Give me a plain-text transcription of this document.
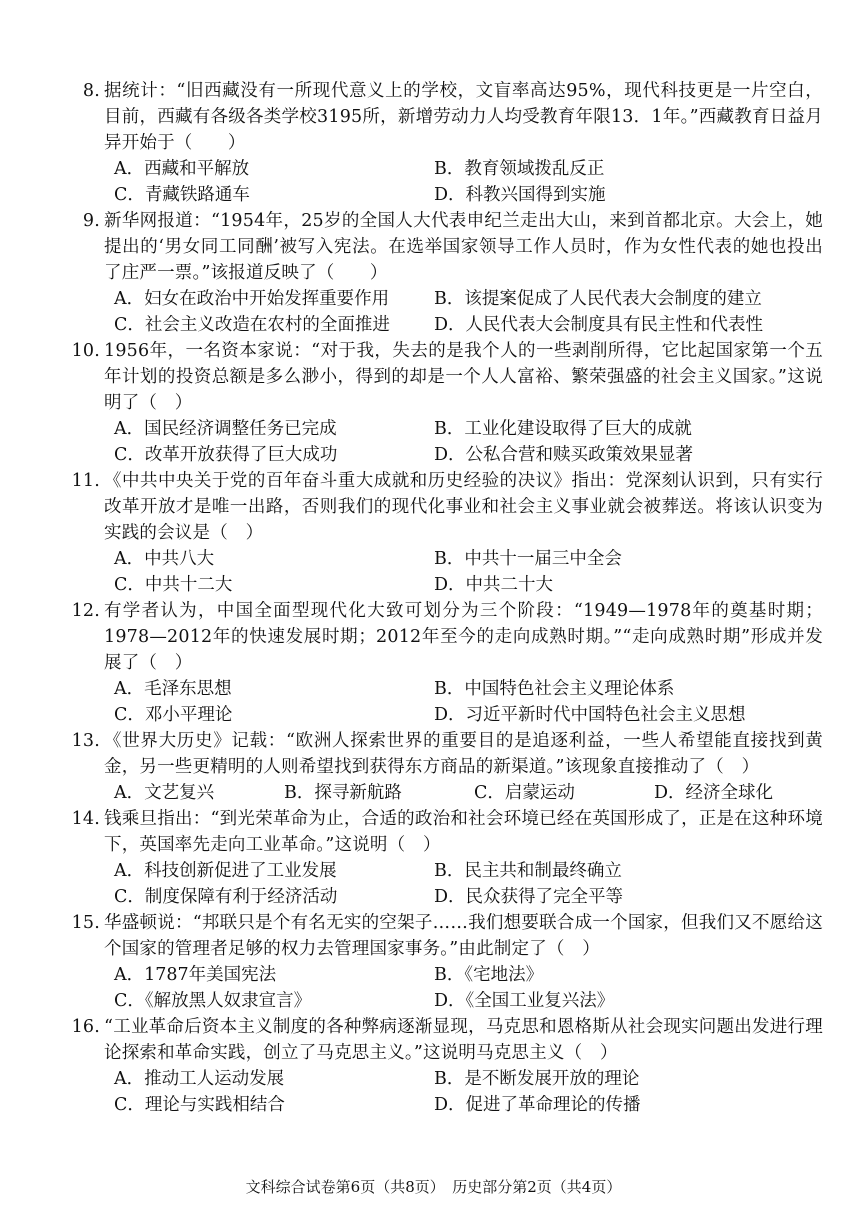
8. 据统计：“旧西藏没有一所现代意义上的学校，文盲率高达95%，现代科技更是一片空白，目前，西藏有各级各类学校3195所，新增劳动力人均受教育年限13．1年。”西藏教育日益月异开始于（　　）
A．西藏和平解放	B．教育领域拨乱反正
C．青藏铁路通车	D．科教兴国得到实施
9. 新华网报道：“1954年，25岁的全国人大代表申纪兰走出大山，来到首都北京。大会上，她提出的‘男女同工同酬’被写入宪法。在选举国家领导工作人员时，作为女性代表的她也投出了庄严一票。”该报道反映了（　　）
A．妇女在政治中开始发挥重要作用	B．该提案促成了人民代表大会制度的建立
C．社会主义改造在农村的全面推进	D．人民代表大会制度具有民主性和代表性
10. 1956年，一名资本家说：“对于我，失去的是我个人的一些剥削所得，它比起国家第一个五年计划的投资总额是多么渺小，得到的却是一个人人富裕、繁荣强盛的社会主义国家。”这说明了（　）
A．国民经济调整任务已完成	B．工业化建设取得了巨大的成就
C．改革开放获得了巨大成功	D．公私合营和赎买政策效果显著
11. 《中共中央关于党的百年奋斗重大成就和历史经验的决议》指出：党深刻认识到，只有实行改革开放才是唯一出路，否则我们的现代化事业和社会主义事业就会被葬送。将该认识变为实践的会议是（　）
A．中共八大	B．中共十一届三中全会
C．中共十二大	D．中共二十大
12. 有学者认为，中国全面型现代化大致可划分为三个阶段：“1949—1978年的奠基时期；1978—2012年的快速发展时期；2012年至今的走向成熟时期。”“走向成熟时期”形成并发展了（　）
A．毛泽东思想	B．中国特色社会主义理论体系
C．邓小平理论	D．习近平新时代中国特色社会主义思想
13. 《世界大历史》记载：“欧洲人探索世界的重要目的是追逐利益，一些人希望能直接找到黄金，另一些更精明的人则希望找到获得东方商品的新渠道。”该现象直接推动了（　）
A．文艺复兴	B．探寻新航路	C．启蒙运动	D．经济全球化
14. 钱乘旦指出：“到光荣革命为止，合适的政治和社会环境已经在英国形成了，正是在这种环境下，英国率先走向工业革命。”这说明（　）
A．科技创新促进了工业发展	B．民主共和制最终确立
C．制度保障有利于经济活动	D．民众获得了完全平等
15. 华盛顿说：“邦联只是个有名无实的空架子……我们想要联合成一个国家，但我们又不愿给这个国家的管理者足够的权力去管理国家事务。”由此制定了（　）
A．1787年美国宪法	B．《宅地法》
C．《解放黑人奴隶宣言》	D．《全国工业复兴法》
16. “工业革命后资本主义制度的各种弊病逐渐显现，马克思和恩格斯从社会现实问题出发进行理论探索和革命实践，创立了马克思主义。”这说明马克思主义（　）
A．推动工人运动发展	B．是不断发展开放的理论
C．理论与实践相结合	D．促进了革命理论的传播
文科综合试卷第6页（共8页）　历史部分第2页（共4页）
